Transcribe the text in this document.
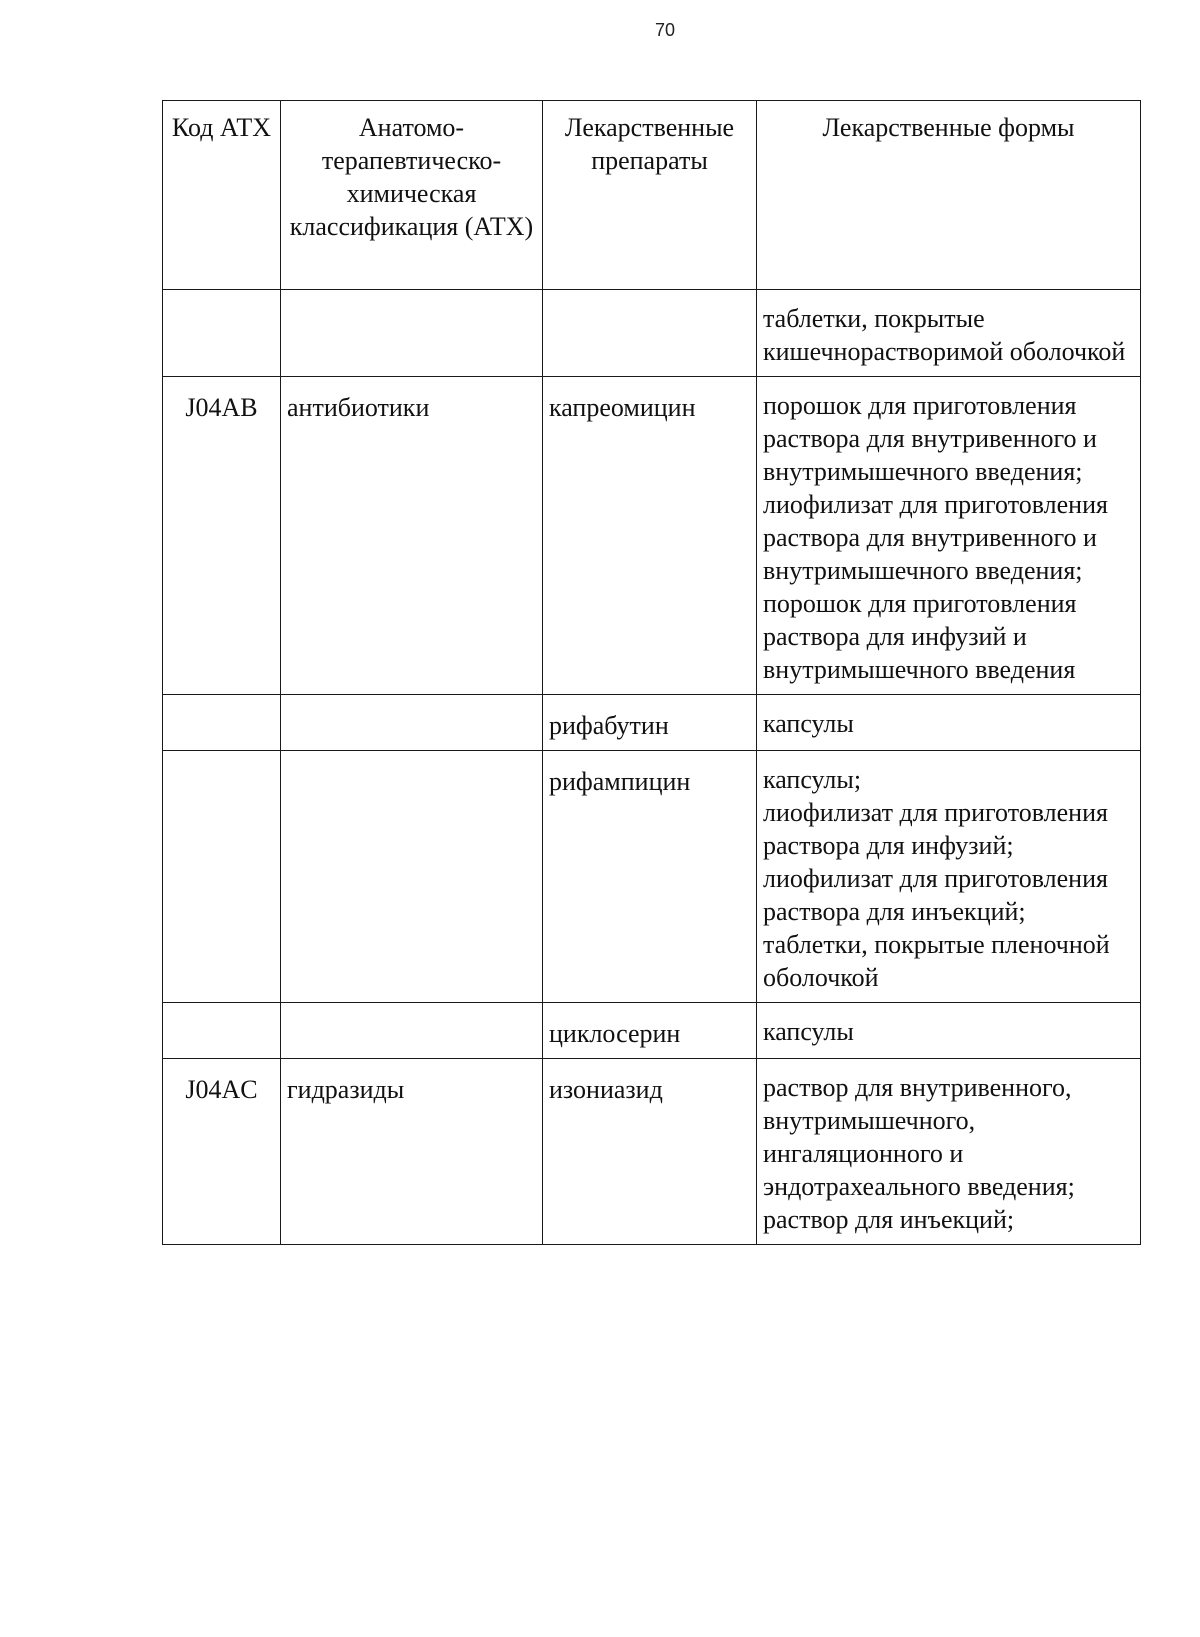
70
Код АТХ	Анатомо-терапевтическо-химическая классификация (АТХ)	Лекарственные препараты	Лекарственные формы

			таблетки, покрытые кишечнорастворимой оболочкой

J04AB	антибиотики	капреомицин	порошок для приготовления раствора для внутривенного и внутримышечного введения;
лиофилизат для приготовления раствора для внутривенного и внутримышечного введения;
порошок для приготовления раствора для инфузий и внутримышечного введения

		рифабутин	капсулы

		рифампицин	капсулы;
лиофилизат для приготовления раствора для инфузий;
лиофилизат для приготовления раствора для инъекций;
таблетки, покрытые пленочной оболочкой

		циклосерин	капсулы

J04AC	гидразиды	изониазид	раствор для внутривенного, внутримышечного, ингаляционного и эндотрахеального введения;
раствор для инъекций;
